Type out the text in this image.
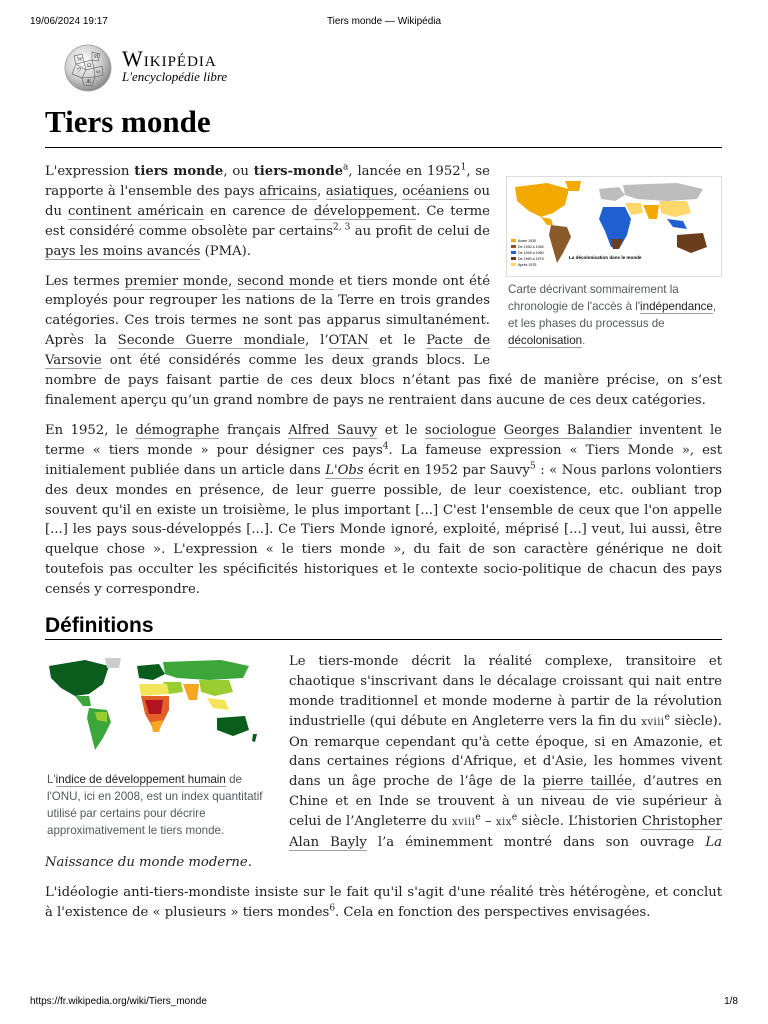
19/06/2024 19:17	Tiers monde — Wikipédia
W
Ω
И
ウ ω
Ж
Wikipédia
L'encyclopédie libre
Tiers monde
Avant 1930
De 1930 à 1945
De 1945 à 1960
De 1960 à 1975
Après 1975
La décolonisation dans le monde
Carte décrivant sommairement la chronologie de l'accès à l'indépendance, et les phases du processus de décolonisation.

L'expression tiers monde, ou tiers-monde$^a$, lancée en 1952$^1$, se rapporte à l'ensemble des pays africains, asiatiques, océaniens ou du continent américain en carence de développement. Ce terme est considéré comme obsolète par certains$^{2, 3}$ au profit de celui de pays les moins avancés (PMA).

Les termes premier monde, second monde et tiers monde ont été employés pour regrouper les nations de la Terre en trois grandes catégories. Ces trois termes ne sont pas apparus simultanément. Après la Seconde Guerre mondiale, l’OTAN et le Pacte de Varsovie ont été considérés comme les deux grands blocs. Le nombre de pays faisant partie de ces deux blocs n’étant pas fixé de manière précise, on s’est finalement aperçu qu’un grand nombre de pays ne rentraient dans aucune de ces deux catégories.

En 1952, le démographe français Alfred Sauvy et le sociologue Georges Balandier inventent le terme « tiers monde » pour désigner ces pays$^4$. La fameuse expression « Tiers Monde », est initialement publiée dans un article dans L'Obs écrit en 1952 par Sauvy$^5$ : « Nous parlons volontiers des deux mondes en présence, de leur guerre possible, de leur coexistence, etc. oubliant trop souvent qu'il en existe un troisième, le plus important [...] C'est l'ensemble de ceux que l'on appelle [...] les pays sous-développés [...]. Ce Tiers Monde ignoré, exploité, méprisé [...] veut, lui aussi, être quelque chose ». L'expression « le tiers monde », du fait de son caractère générique ne doit toutefois pas occulter les spécificités historiques et le contexte socio-politique de chacun des pays censés y correspondre.

Définitions
L'indice de développement humain de l'ONU, ici en 2008, est un index quantitatif utilisé par certains pour décrire approximativement le tiers monde.

Le tiers-monde décrit la réalité complexe, transitoire et chaotique s'inscrivant dans le décalage croissant qui nait entre monde traditionnel et monde moderne à partir de la révolution industrielle (qui débute en Angleterre vers la fin du xviii$^e$ siècle). On remarque cependant qu'à cette époque, si en Amazonie, et dans certaines régions d'Afrique, et d'Asie, les hommes vivent dans un âge proche de l’âge de la pierre taillée, d’autres en Chine et en Inde se trouvent à un niveau de vie supérieur à celui de l’Angleterre du xviii$^e$ – xix$^e$ siècle. L’historien Christopher Alan Bayly l’a éminemment montré dans son ouvrage La Naissance du monde moderne.

L'idéologie anti-tiers-mondiste insiste sur le fait qu'il s'agit d'une réalité très hétérogène, et conclut à l'existence de « plusieurs » tiers mondes$^6$. Cela en fonction des perspectives envisagées.

https://fr.wikipedia.org/wiki/Tiers_monde	1/8
